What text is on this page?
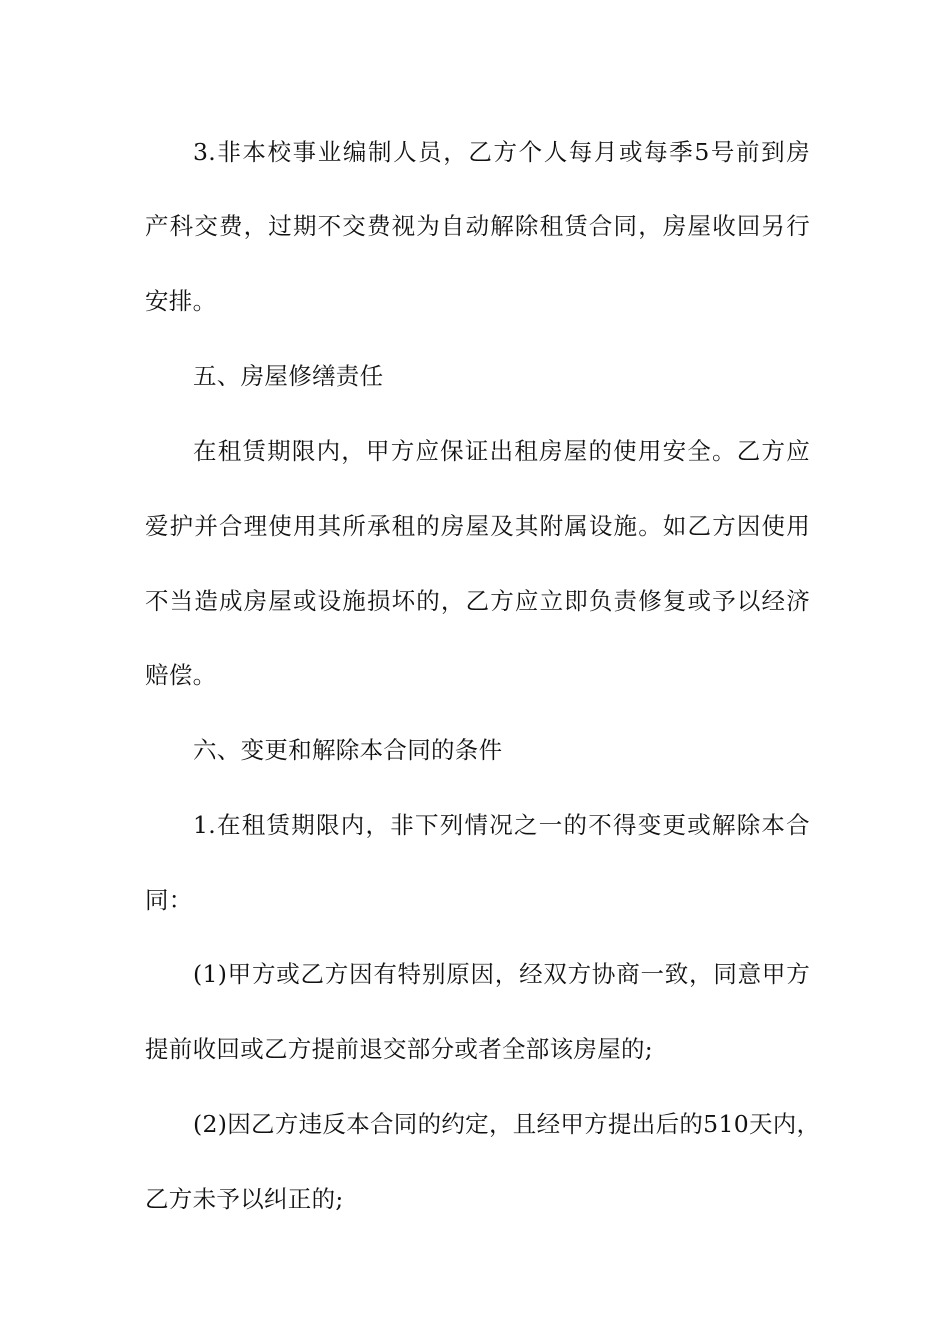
3.非本校事业编制人员，乙方个人每月或每季5号前到房
产科交费，过期不交费视为自动解除租赁合同，房屋收回另行
安排。
五、房屋修缮责任
在租赁期限内，甲方应保证出租房屋的使用安全。乙方应
爱护并合理使用其所承租的房屋及其附属设施。如乙方因使用
不当造成房屋或设施损坏的，乙方应立即负责修复或予以经济
赔偿。
六、变更和解除本合同的条件
1.在租赁期限内，非下列情况之一的不得变更或解除本合
同：
(1)甲方或乙方因有特别原因，经双方协商一致，同意甲方
提前收回或乙方提前退交部分或者全部该房屋的;
(2)因乙方违反本合同的约定，且经甲方提出后的510天内，
乙方未予以纠正的;
